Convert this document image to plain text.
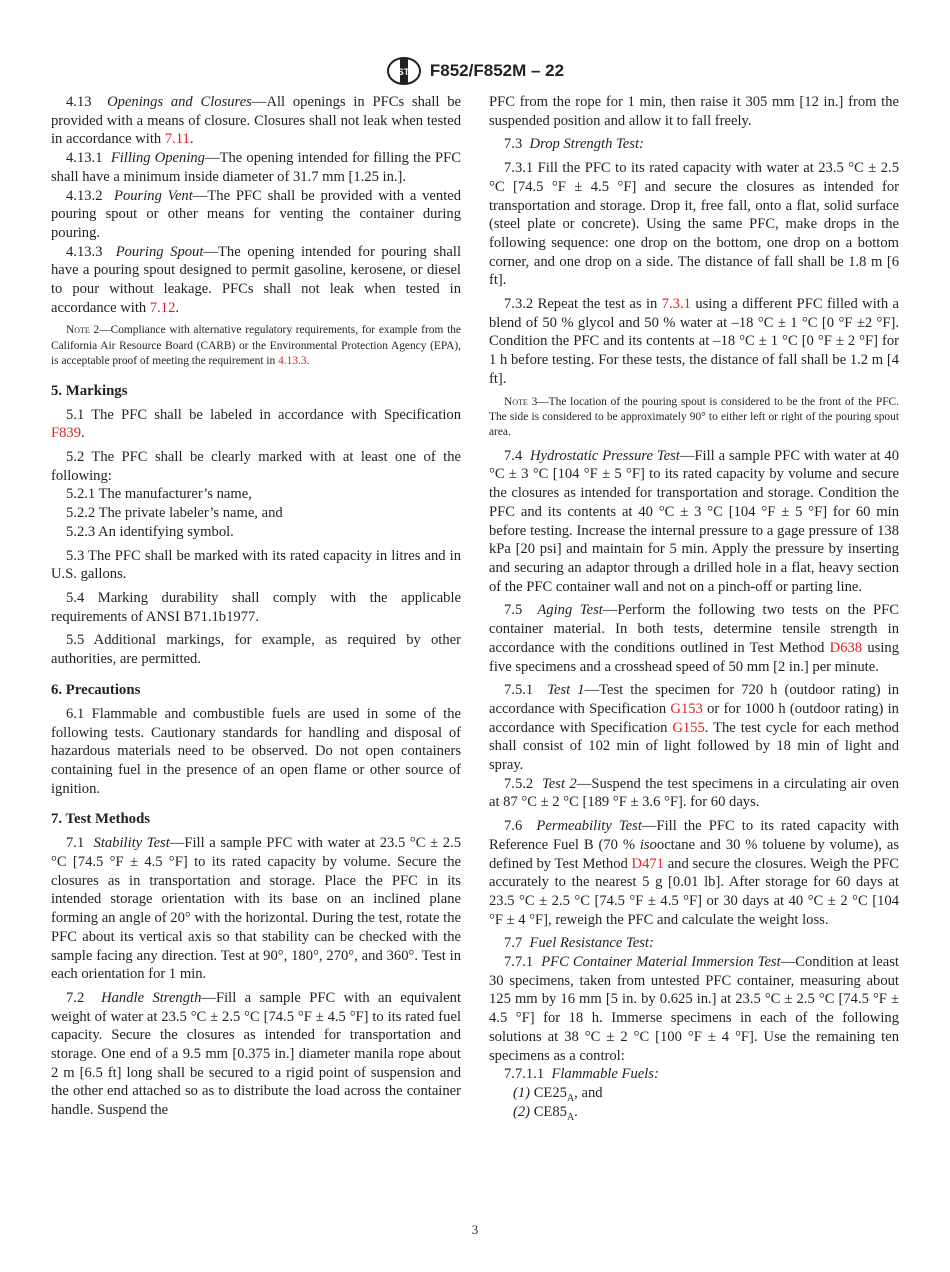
ASTM F852/F852M – 22

4.13 Openings and Closures—All openings in PFCs shall be provided with a means of closure. Closures shall not leak when tested in accordance with 7.11.

4.13.1 Filling Opening—The opening intended for filling the PFC shall have a minimum inside diameter of 31.7 mm [1.25 in.].

4.13.2 Pouring Vent—The PFC shall be provided with a vented pouring spout or other means for venting the container during pouring.

4.13.3 Pouring Spout—The opening intended for pouring shall have a pouring spout designed to permit gasoline, kerosene, or diesel to pour without leakage. PFCs shall not leak when tested in accordance with 7.12.

Note 2—Compliance with alternative regulatory requirements, for example from the California Air Resource Board (CARB) or the Environmental Protection Agency (EPA), is acceptable proof of meeting the requirement in 4.13.3.
5. Markings

5.1 The PFC shall be labeled in accordance with Specification F839.

5.2 The PFC shall be clearly marked with at least one of the following:

5.2.1 The manufacturer’s name,

5.2.2 The private labeler’s name, and

5.2.3 An identifying symbol.

5.3 The PFC shall be marked with its rated capacity in litres and in U.S. gallons.

5.4 Marking durability shall comply with the applicable requirements of ANSI B71.1b1977.

5.5 Additional markings, for example, as required by other authorities, are permitted.

6. Precautions

6.1 Flammable and combustible fuels are used in some of the following tests. Cautionary standards for handling and disposal of hazardous materials need to be observed. Do not open containers containing fuel in the presence of an open flame or other source of ignition.

7. Test Methods

7.1 Stability Test—Fill a sample PFC with water at 23.5 °C ± 2.5 °C [74.5 °F ± 4.5 °F] to its rated capacity by volume. Secure the closures as in transportation and storage. Place the PFC in its intended storage orientation with its base on an inclined plane forming an angle of 20° with the horizontal. During the test, rotate the PFC about its vertical axis so that stability can be checked with the sample facing any direction. Test at 90°, 180°, 270°, and 360°. Test in each orientation for 1 min.

7.2 Handle Strength—Fill a sample PFC with an equivalent weight of water at 23.5 °C ± 2.5 °C [74.5 °F ± 4.5 °F] to its rated fuel capacity. Secure the closures as intended for transportation and storage. One end of a 9.5 mm [0.375 in.] diameter manila rope about 2 m [6.5 ft] long shall be secured to a rigid point of suspension and the other end attached so as to distribute the load across the container handle. Suspend the

PFC from the rope for 1 min, then raise it 305 mm [12 in.] from the suspended position and allow it to fall freely.

7.3 Drop Strength Test:

7.3.1 Fill the PFC to its rated capacity with water at 23.5 °C ± 2.5 °C [74.5 °F ± 4.5 °F] and secure the closures as intended for transportation and storage. Drop it, free fall, onto a flat, solid surface (steel plate or concrete). Using the same PFC, make drops in the following sequence: one drop on the bottom, one drop on a bottom corner, and one drop on a side. The distance of fall shall be 1.8 m [6 ft].

7.3.2 Repeat the test as in 7.3.1 using a different PFC filled with a blend of 50 % glycol and 50 % water at –18 °C ± 1 °C [0 °F ±2 °F]. Condition the PFC and its contents at –18 °C ± 1 °C [0 °F ± 2 °F] for 1 h before testing. For these tests, the distance of fall shall be 1.2 m [4 ft].

Note 3—The location of the pouring spout is considered to be the front of the PFC. The side is considered to be approximately 90° to either left or right of the pouring spout area.

7.4 Hydrostatic Pressure Test—Fill a sample PFC with water at 40 °C ± 3 °C [104 °F ± 5 °F] to its rated capacity by volume and secure the closures as intended for transportation and storage. Condition the PFC and its contents at 40 °C ± 3 °C [104 °F ± 5 °F] for 60 min before testing. Increase the internal pressure to a gage pressure of 138 kPa [20 psi] and maintain for 5 min. Apply the pressure by inserting and securing an adaptor through a drilled hole in a flat, heavy section of the PFC container wall and not on a pinch-off or parting line.

7.5 Aging Test—Perform the following two tests on the PFC container material. In both tests, determine tensile strength in accordance with the conditions outlined in Test Method D638 using five specimens and a crosshead speed of 50 mm [2 in.] per minute.

7.5.1 Test 1—Test the specimen for 720 h (outdoor rating) in accordance with Specification G153 or for 1000 h (outdoor rating) in accordance with Specification G155. The test cycle for each method shall consist of 102 min of light followed by 18 min of light and spray.

7.5.2 Test 2—Suspend the test specimens in a circulating air oven at 87 °C ± 2 °C [189 °F ± 3.6 °F]. for 60 days.

7.6 Permeability Test—Fill the PFC to its rated capacity with Reference Fuel B (70 % isooctane and 30 % toluene by volume), as defined by Test Method D471 and secure the closures. Weigh the PFC accurately to the nearest 5 g [0.01 lb]. After storage for 60 days at 23.5 °C ± 2.5 °C [74.5 °F ± 4.5 °F] or 30 days at 40 °C ± 2 °C [104 °F ± 4 °F], reweigh the PFC and calculate the weight loss.

7.7 Fuel Resistance Test:

7.7.1 PFC Container Material Immersion Test—Condition at least 30 specimens, taken from untested PFC container, measuring about 125 mm by 16 mm [5 in. by 0.625 in.] at 23.5 °C ± 2.5 °C [74.5 °F ± 4.5 °F] for 18 h. Immerse specimens in each of the following solutions at 38 °C ± 2 °C [100 °F ± 4 °F]. Use the remaining ten specimens as a control:

7.7.1.1 Flammable Fuels:

(1) $CE25_A$, and

(2) $CE85_A$.

3
